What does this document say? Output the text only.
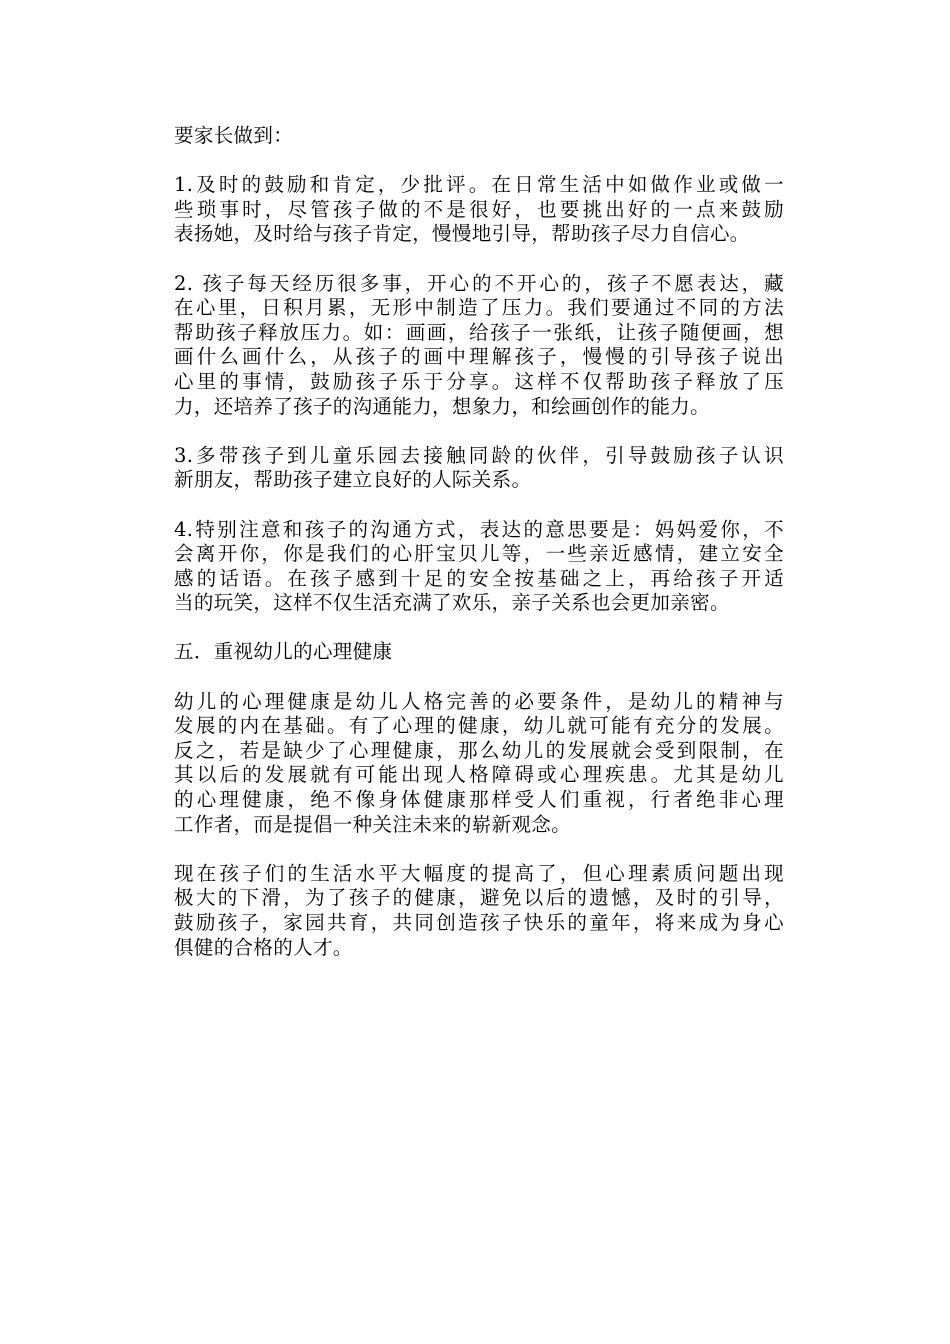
要家长做到：

1.及时的鼓励和肯定，少批评。在日常生活中如做作业或做一
些琐事时，尽管孩子做的不是很好，也要挑出好的一点来鼓励
表扬她，及时给与孩子肯定，慢慢地引导，帮助孩子尽力自信心。

2. 孩子每天经历很多事，开心的不开心的，孩子不愿表达，藏
在心里，日积月累，无形中制造了压力。我们要通过不同的方法
帮助孩子释放压力。如：画画，给孩子一张纸，让孩子随便画，想
画什么画什么，从孩子的画中理解孩子，慢慢的引导孩子说出
心里的事情，鼓励孩子乐于分享。这样不仅帮助孩子释放了压
力，还培养了孩子的沟通能力，想象力，和绘画创作的能力。

3.多带孩子到儿童乐园去接触同龄的伙伴，引导鼓励孩子认识
新朋友，帮助孩子建立良好的人际关系。

4.特别注意和孩子的沟通方式，表达的意思要是：妈妈爱你，不
会离开你，你是我们的心肝宝贝儿等，一些亲近感情，建立安全
感的话语。在孩子感到十足的安全按基础之上，再给孩子开适
当的玩笑，这样不仅生活充满了欢乐，亲子关系也会更加亲密。

五．重视幼儿的心理健康

幼儿的心理健康是幼儿人格完善的必要条件，是幼儿的精神与
发展的内在基础。有了心理的健康，幼儿就可能有充分的发展。
反之，若是缺少了心理健康，那么幼儿的发展就会受到限制，在
其以后的发展就有可能出现人格障碍或心理疾患。尤其是幼儿
的心理健康，绝不像身体健康那样受人们重视，行者绝非心理
工作者，而是提倡一种关注未来的崭新观念。

现在孩子们的生活水平大幅度的提高了，但心理素质问题出现
极大的下滑，为了孩子的健康，避免以后的遗憾，及时的引导，
鼓励孩子，家园共育，共同创造孩子快乐的童年，将来成为身心
俱健的合格的人才。
